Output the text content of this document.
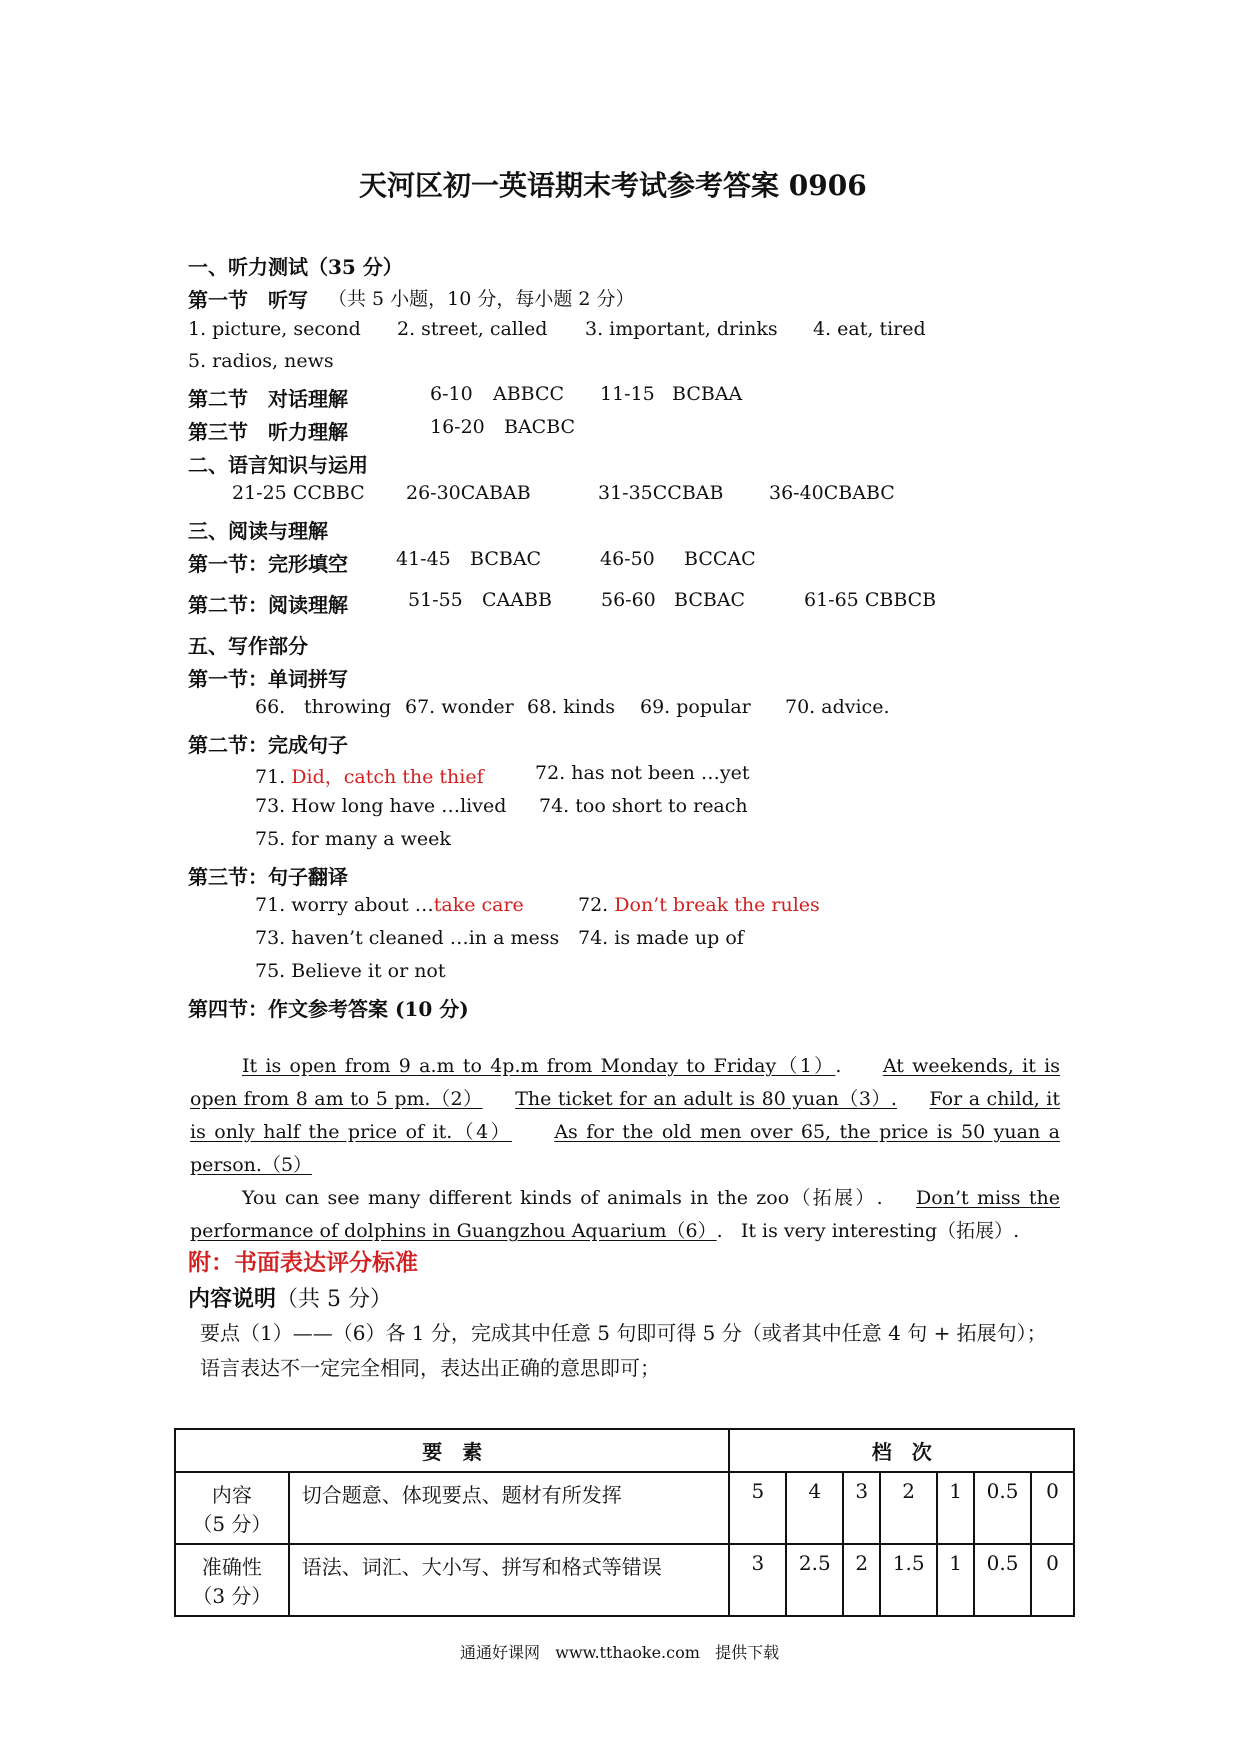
天河区初一英语期末考试参考答案 0906
一、听力测试（35 分）
第一节　听写 （共 5 小题，10 分，每小题 2 分）
1. picture, second 2. street, called 3. important, drinks 4. eat, tired
5. radios, news
第二节　对话理解	6-10 ABBCC 11-15 BCBAA
第三节　听力理解	16-20 BACBC
二、语言知识与运用
21-25 CCBBC 26-30CABAB	31-35CCBAB 36-40CBABC
三、阅读与理解
第一节：完形填空	41-45 BCBAC	46-50 BCCAC
第二节：阅读理解	51-55 CAABB	56-60 BCBAC	61-65 CBBCB
五、写作部分
第一节：单词拼写
66. throwing 67. wonder 68. kinds 69. popular 70. advice.
第二节：完成句子
71. Did，catch the thief	72. has not been …yet
73. How long have …lived 74. too short to reach
75. for many a week
第三节：句子翻译
71. worry about …take care	72. Don’t break the rules
73. haven’t cleaned …in a mess 74. is made up of
75. Believe it or not
第四节：作文参考答案 (10 分)

It is open from 9 a.m to 4p.m from Monday to Friday（1）. At weekends, it is open from 8 am to 5 pm.（2） The ticket for an adult is 80 yuan（3）. For a child, it is only half the price of it.（4） As for the old men over 65, the price is 50 yuan a person.（5）

You can see many different kinds of animals in the zoo（拓展）. Don’t miss the performance of dolphins in Guangzhou Aquarium（6）. It is very interesting（拓展）.

附：书面表达评分标准
内容说明（共 5 分）
要点（1）——（6）各 1 分，完成其中任意 5 句即可得 5 分（或者其中任意 4 句 + 拓展句）；语言表达不一定完全相同，表达出正确的意思即可；
要　素		档　次						

内容
（5 分）	切合题意、体现要点、题材有所发挥	5	4	3	2	1	0.5	0

准确性
（3 分）	语法、词汇、大小写、拼写和格式等错误	3	2.5	2	1.5	1	0.5	0
通通好课网 www.tthaoke.com 提供下载
